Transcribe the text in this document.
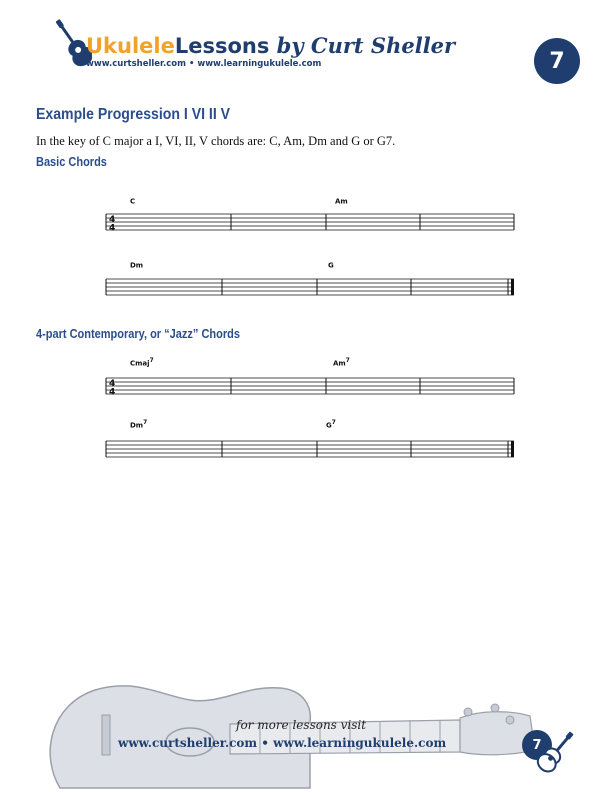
UkuleleLessons by Curt Sheller
www.curtsheller.com • www.learningukulele.com	7
Example Progression I VI II V
In the key of C major a I, VI, II, V chords are: C, Am, Dm and G or G7.
Basic Chords
4-part Contemporary, or “Jazz” Chords
4
4
C	Am
Dm	G
4
4
Cmaj$^7$	Am$^7$
Dm$^7$	$G^7$
for more lessons visit
www.curtsheller.com • www.learningukulele.com	7
